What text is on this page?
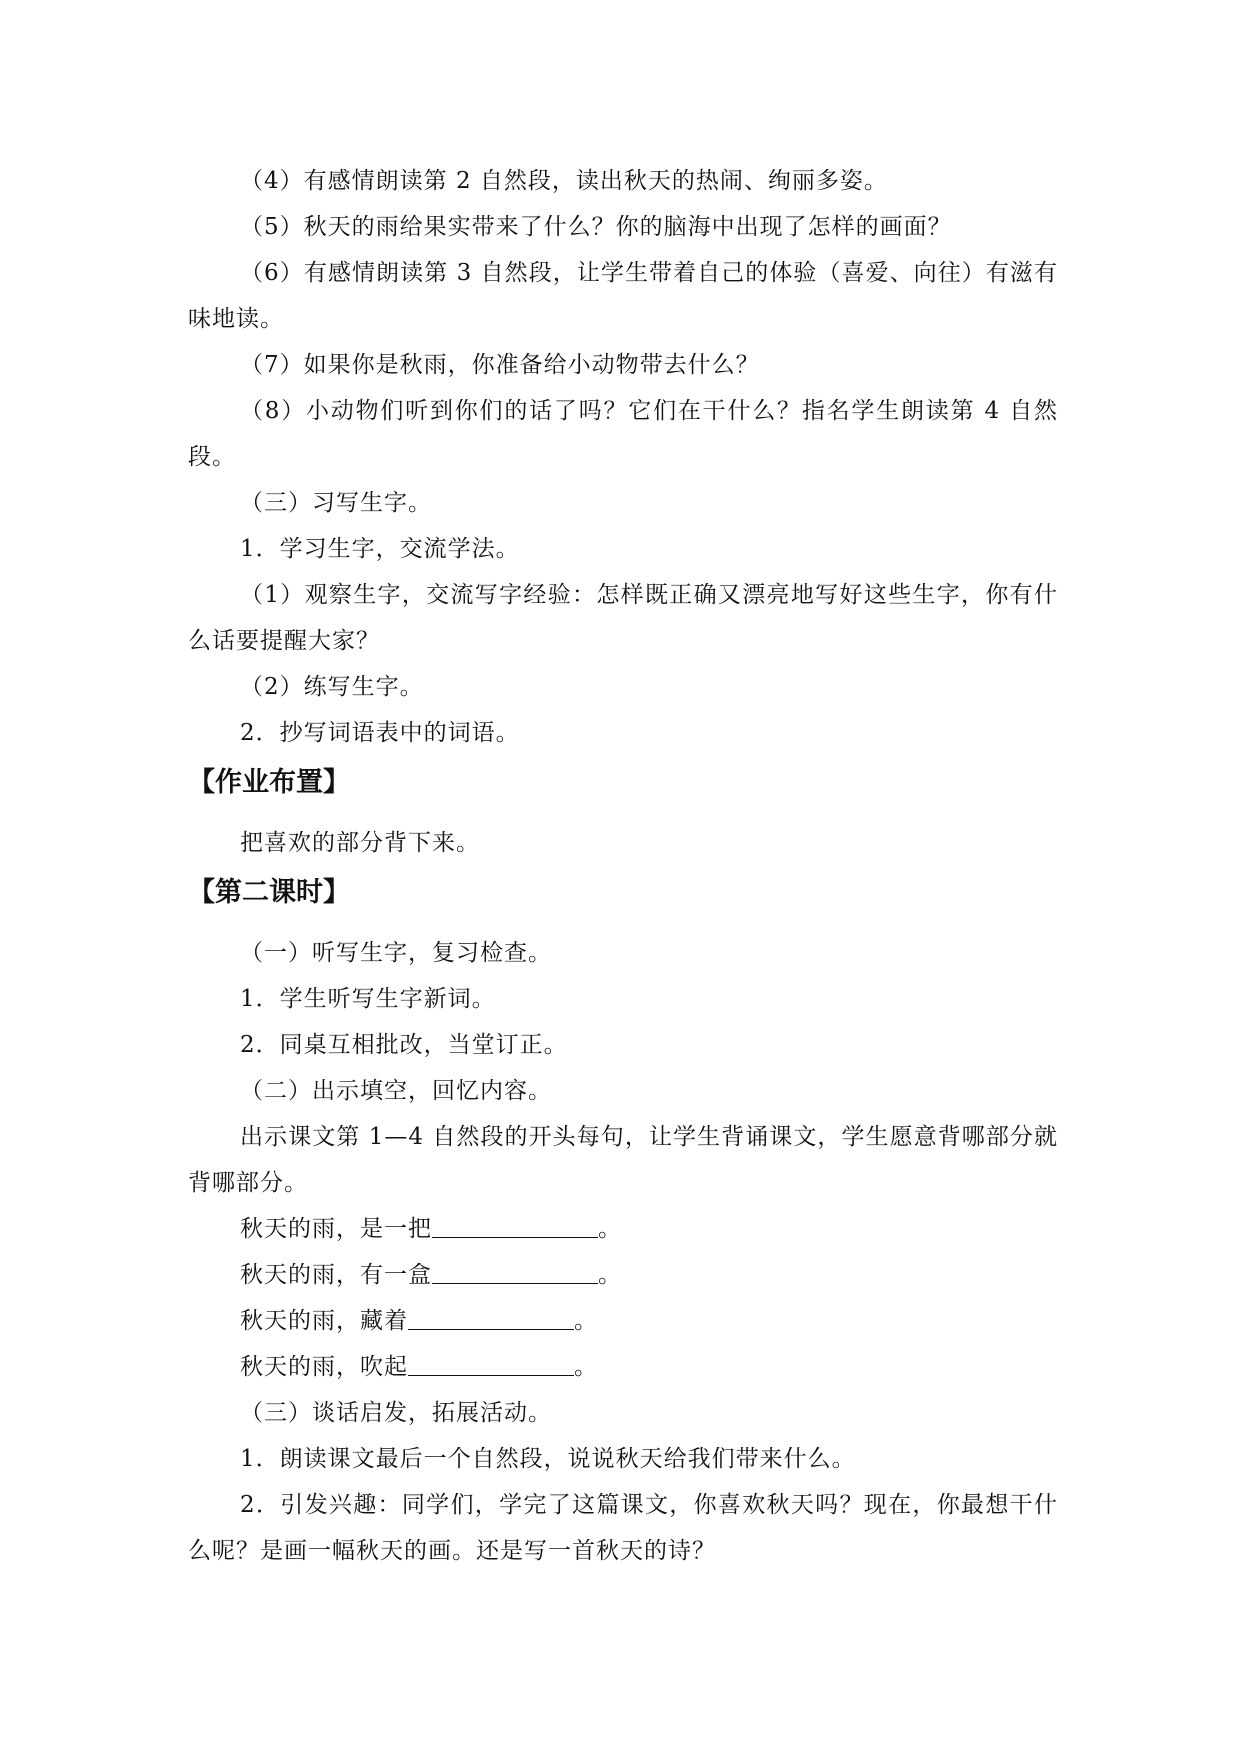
（4）有感情朗读第 2 自然段，读出秋天的热闹、绚丽多姿。

（5）秋天的雨给果实带来了什么？你的脑海中出现了怎样的画面？

（6）有感情朗读第 3 自然段，让学生带着自己的体验（喜爱、向往）有滋有味地读。

（7）如果你是秋雨，你准备给小动物带去什么？

（8）小动物们听到你们的话了吗？它们在干什么？指名学生朗读第 4 自然段。

（三）习写生字。

1．学习生字，交流学法。

（1）观察生字，交流写字经验：怎样既正确又漂亮地写好这些生字，你有什么话要提醒大家？

（2）练写生字。

2．抄写词语表中的词语。

【作业布置】

把喜欢的部分背下来。

【第二课时】

（一）听写生字，复习检查。

1．学生听写生字新词。

2．同桌互相批改，当堂订正。

（二）出示填空，回忆内容。

出示课文第 1—4 自然段的开头每句，让学生背诵课文，学生愿意背哪部分就背哪部分。

秋天的雨，是一把	。

秋天的雨，有一盒	。

秋天的雨，藏着	。

秋天的雨，吹起	。

（三）谈话启发，拓展活动。

1．朗读课文最后一个自然段，说说秋天给我们带来什么。

2．引发兴趣：同学们，学完了这篇课文，你喜欢秋天吗？现在，你最想干什么呢？是画一幅秋天的画。还是写一首秋天的诗？
